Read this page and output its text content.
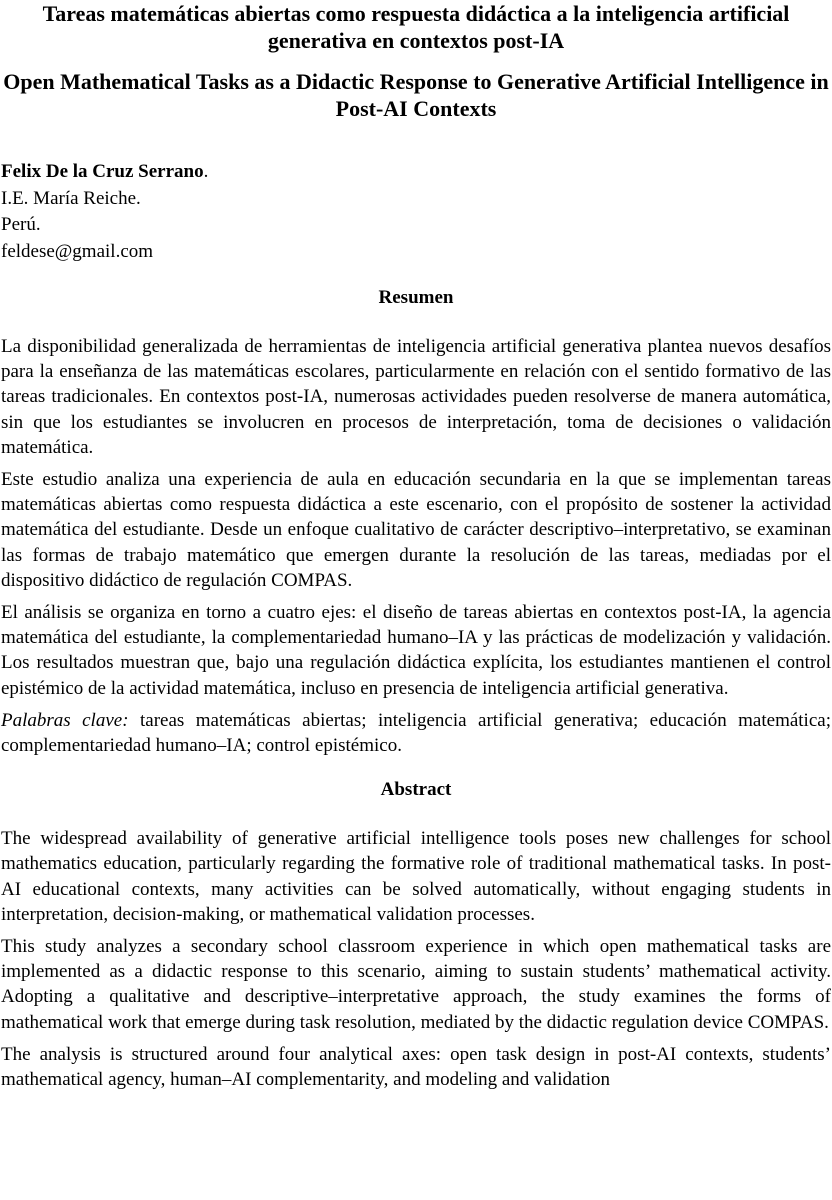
Tareas matemáticas abiertas como respuesta didáctica a la inteligencia artificial generativa en contextos post-IA
Open Mathematical Tasks as a Didactic Response to Generative Artificial Intelligence in Post-AI Contexts
Felix De la Cruz Serrano.
I.E. María Reiche.
Perú.
feldese@gmail.com
Resumen

La disponibilidad generalizada de herramientas de inteligencia artificial generativa plantea nuevos desafíos para la enseñanza de las matemáticas escolares, particularmente en relación con el sentido formativo de las tareas tradicionales. En contextos post-IA, numerosas actividades pueden resolverse de manera automática, sin que los estudiantes se involucren en procesos de interpretación, toma de decisiones o validación matemática.

Este estudio analiza una experiencia de aula en educación secundaria en la que se implementan tareas matemáticas abiertas como respuesta didáctica a este escenario, con el propósito de sostener la actividad matemática del estudiante. Desde un enfoque cualitativo de carácter descriptivo–interpretativo, se examinan las formas de trabajo matemático que emergen durante la resolución de las tareas, mediadas por el dispositivo didáctico de regulación COMPAS.

El análisis se organiza en torno a cuatro ejes: el diseño de tareas abiertas en contextos post-IA, la agencia matemática del estudiante, la complementariedad humano–IA y las prácticas de modelización y validación. Los resultados muestran que, bajo una regulación didáctica explícita, los estudiantes mantienen el control epistémico de la actividad matemática, incluso en presencia de inteligencia artificial generativa.

Palabras clave: tareas matemáticas abiertas; inteligencia artificial generativa; educación matemática; complementariedad humano–IA; control epistémico.

Abstract

The widespread availability of generative artificial intelligence tools poses new challenges for school mathematics education, particularly regarding the formative role of traditional mathematical tasks. In post-AI educational contexts, many activities can be solved automatically, without engaging students in interpretation, decision-making, or mathematical validation processes.

This study analyzes a secondary school classroom experience in which open mathematical tasks are implemented as a didactic response to this scenario, aiming to sustain students’ mathematical activity. Adopting a qualitative and descriptive–interpretative approach, the study examines the forms of mathematical work that emerge during task resolution, mediated by the didactic regulation device COMPAS.

The analysis is structured around four analytical axes: open task design in post-AI contexts, students’ mathematical agency, human–AI complementarity, and modeling and validation
